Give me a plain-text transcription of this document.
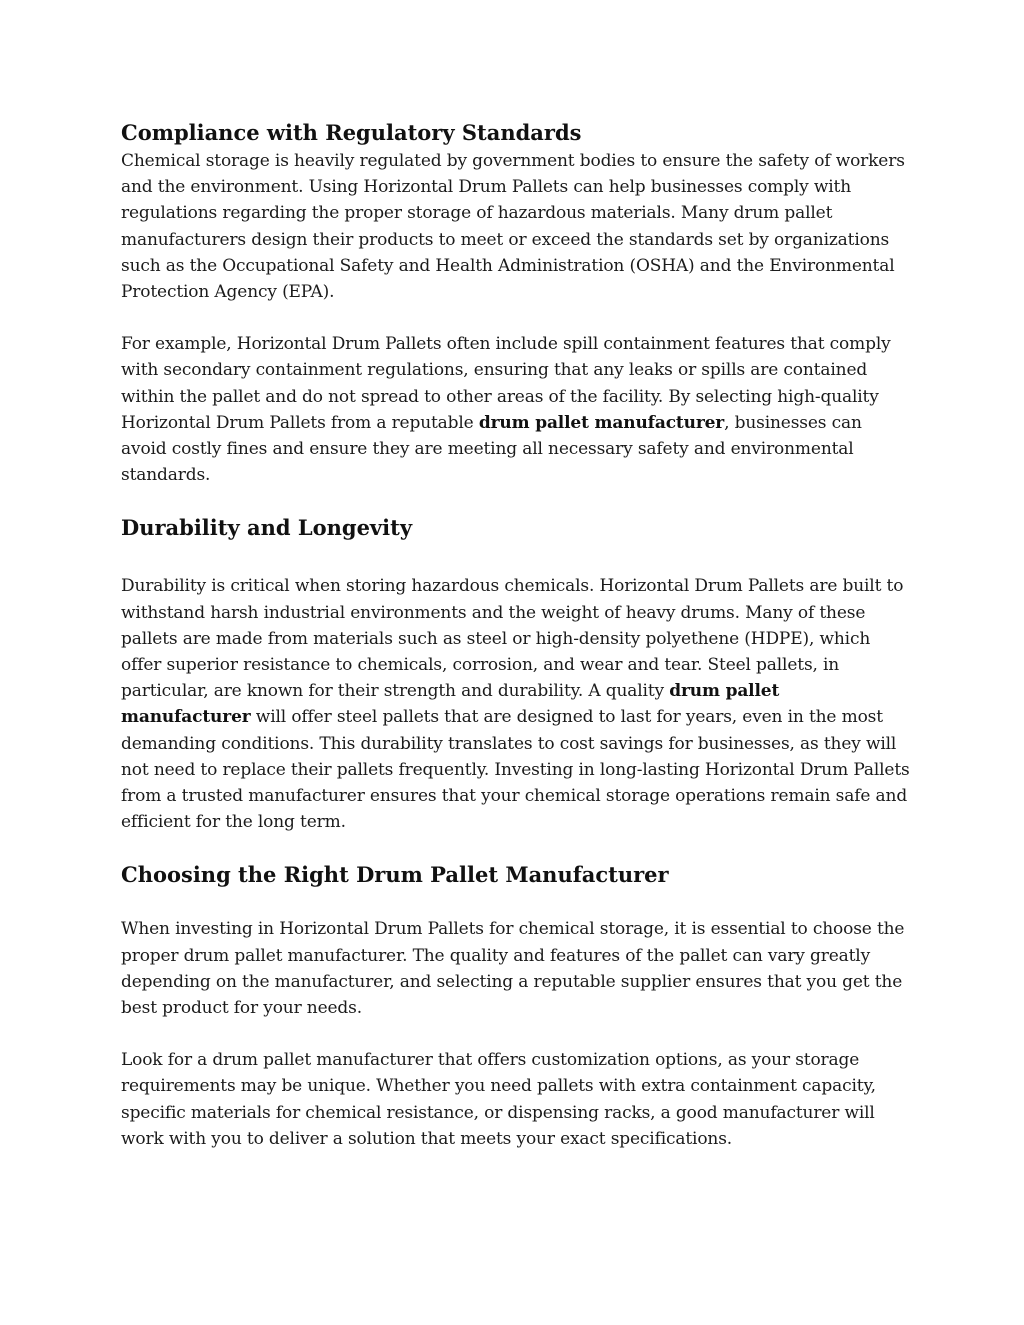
Compliance with Regulatory Standards

Chemical storage is heavily regulated by government bodies to ensure the safety of workers and the environment. Using Horizontal Drum Pallets can help businesses comply with regulations regarding the proper storage of hazardous materials. Many drum pallet manufacturers design their products to meet or exceed the standards set by organizations such as the Occupational Safety and Health Administration (OSHA) and the Environmental Protection Agency (EPA).

For example, Horizontal Drum Pallets often include spill containment features that comply with secondary containment regulations, ensuring that any leaks or spills are contained within the pallet and do not spread to other areas of the facility. By selecting high-quality Horizontal Drum Pallets from a reputable drum pallet manufacturer, businesses can avoid costly fines and ensure they are meeting all necessary safety and environmental standards.

Durability and Longevity

Durability is critical when storing hazardous chemicals. Horizontal Drum Pallets are built to withstand harsh industrial environments and the weight of heavy drums. Many of these pallets are made from materials such as steel or high-density polyethene (HDPE), which offer superior resistance to chemicals, corrosion, and wear and tear. Steel pallets, in particular, are known for their strength and durability. A quality drum pallet manufacturer will offer steel pallets that are designed to last for years, even in the most demanding conditions. This durability translates to cost savings for businesses, as they will not need to replace their pallets frequently. Investing in long-lasting Horizontal Drum Pallets from a trusted manufacturer ensures that your chemical storage operations remain safe and efficient for the long term.

Choosing the Right Drum Pallet Manufacturer

When investing in Horizontal Drum Pallets for chemical storage, it is essential to choose the proper drum pallet manufacturer. The quality and features of the pallet can vary greatly depending on the manufacturer, and selecting a reputable supplier ensures that you get the best product for your needs.

Look for a drum pallet manufacturer that offers customization options, as your storage requirements may be unique. Whether you need pallets with extra containment capacity, specific materials for chemical resistance, or dispensing racks, a good manufacturer will work with you to deliver a solution that meets your exact specifications.
